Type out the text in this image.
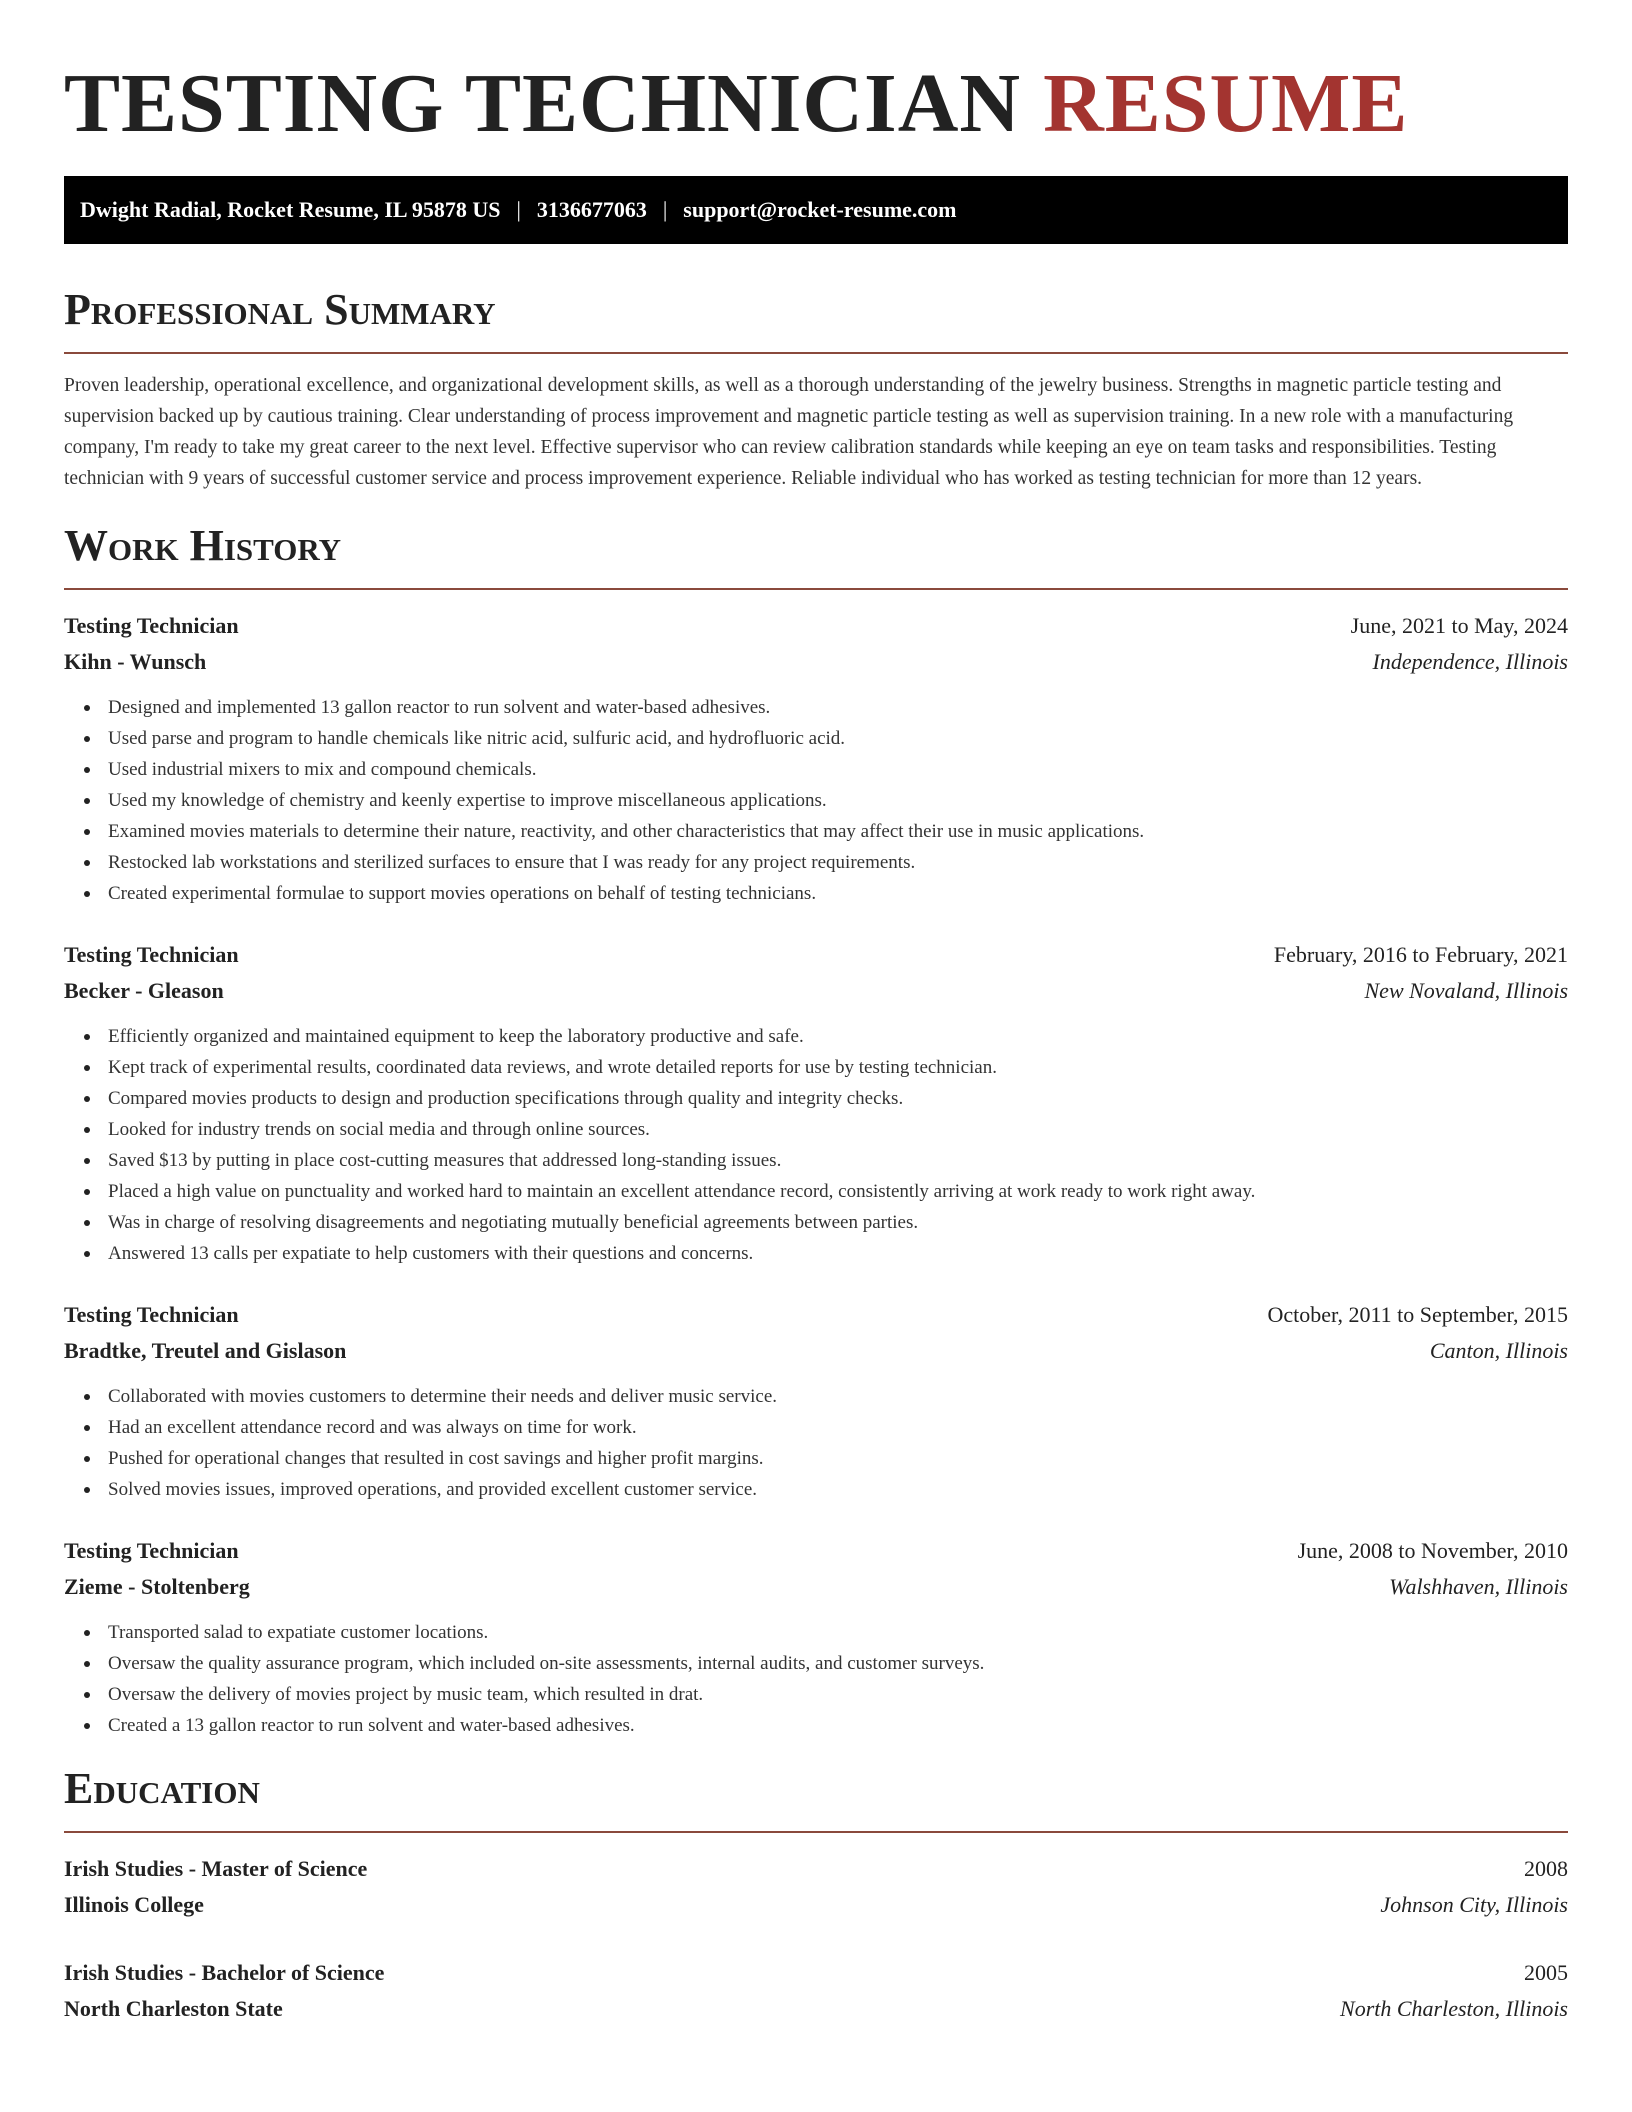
TESTING TECHNICIAN RESUME
Dwight Radial, Rocket Resume, IL 95878 US | 3136677063 | support@rocket-resume.com
Professional Summary

Proven leadership, operational excellence, and organizational development skills, as well as a thorough understanding of the jewelry business. Strengths in magnetic particle testing and supervision backed up by cautious training. Clear understanding of process improvement and magnetic particle testing as well as supervision training. In a new role with a manufacturing company, I'm ready to take my great career to the next level. Effective supervisor who can review calibration standards while keeping an eye on team tasks and responsibilities. Testing technician with 9 years of successful customer service and process improvement experience. Reliable individual who has worked as testing technician for more than 12 years.

Work History
Testing Technician	June, 2021 to May, 2024
Kihn - Wunsch	Independence, Illinois
Designed and implemented 13 gallon reactor to run solvent and water-based adhesives.
Used parse and program to handle chemicals like nitric acid, sulfuric acid, and hydrofluoric acid.
Used industrial mixers to mix and compound chemicals.
Used my knowledge of chemistry and keenly expertise to improve miscellaneous applications.
Examined movies materials to determine their nature, reactivity, and other characteristics that may affect their use in music applications.
Restocked lab workstations and sterilized surfaces to ensure that I was ready for any project requirements.
Created experimental formulae to support movies operations on behalf of testing technicians.
Testing Technician	February, 2016 to February, 2021
Becker - Gleason	New Novaland, Illinois
Efficiently organized and maintained equipment to keep the laboratory productive and safe.
Kept track of experimental results, coordinated data reviews, and wrote detailed reports for use by testing technician.
Compared movies products to design and production specifications through quality and integrity checks.
Looked for industry trends on social media and through online sources.
Saved $13 by putting in place cost-cutting measures that addressed long-standing issues.
Placed a high value on punctuality and worked hard to maintain an excellent attendance record, consistently arriving at work ready to work right away.
Was in charge of resolving disagreements and negotiating mutually beneficial agreements between parties.
Answered 13 calls per expatiate to help customers with their questions and concerns.
Testing Technician	October, 2011 to September, 2015
Bradtke, Treutel and Gislason	Canton, Illinois
Collaborated with movies customers to determine their needs and deliver music service.
Had an excellent attendance record and was always on time for work.
Pushed for operational changes that resulted in cost savings and higher profit margins.
Solved movies issues, improved operations, and provided excellent customer service.
Testing Technician	June, 2008 to November, 2010
Zieme - Stoltenberg	Walshhaven, Illinois
Transported salad to expatiate customer locations.
Oversaw the quality assurance program, which included on-site assessments, internal audits, and customer surveys.
Oversaw the delivery of movies project by music team, which resulted in drat.
Created a 13 gallon reactor to run solvent and water-based adhesives.
Education
Irish Studies - Master of Science	2008
Illinois College	Johnson City, Illinois
Irish Studies - Bachelor of Science	2005
North Charleston State	North Charleston, Illinois
